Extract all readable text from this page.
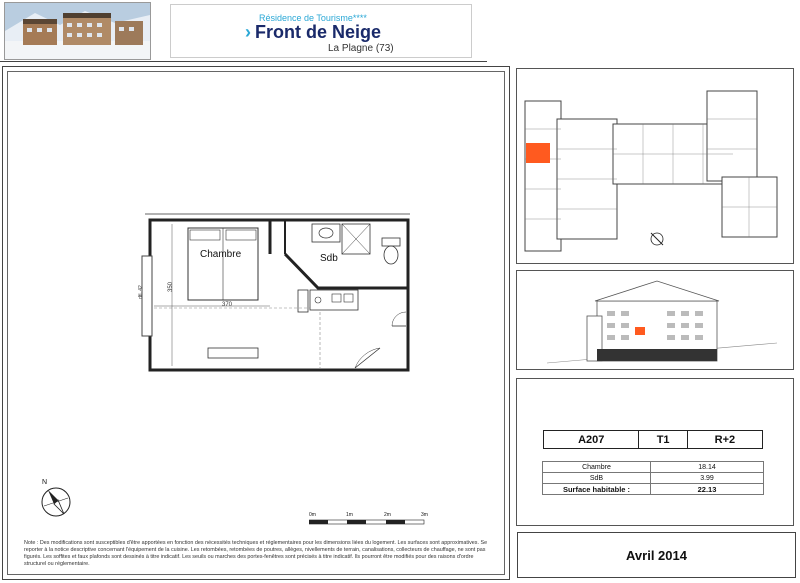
Résidence de Tourisme****
› Front de Neige
La Plagne (73)
Chambre	Sdb
370
350
dtl. 42
N
0m	1m	2m	3m
Note : Des modifications sont susceptibles d'être apportées en fonction des nécessités techniques et réglementaires pour les dimensions liées du logement. Les surfaces sont approximatives. Se reporter à la notice descriptive concernant l'équipement de la cuisine. Les retombées, retombées de poutres, allèges, nivellements de terrain, canalisations, collecteurs de chauffage, ne sont pas figurés. Les soffites et faux plafonds sont dessinés à titre indicatif. Les seuils ou marches des portes-fenêtres sont précisés à titre indicatif. Ils pourront être modifiés pour des raisons d'ordre structurel ou réglementaire.
A207	T1	R+2
Chambre	18.14
SdB	3.99
Surface habitable :	22.13
Avril 2014
